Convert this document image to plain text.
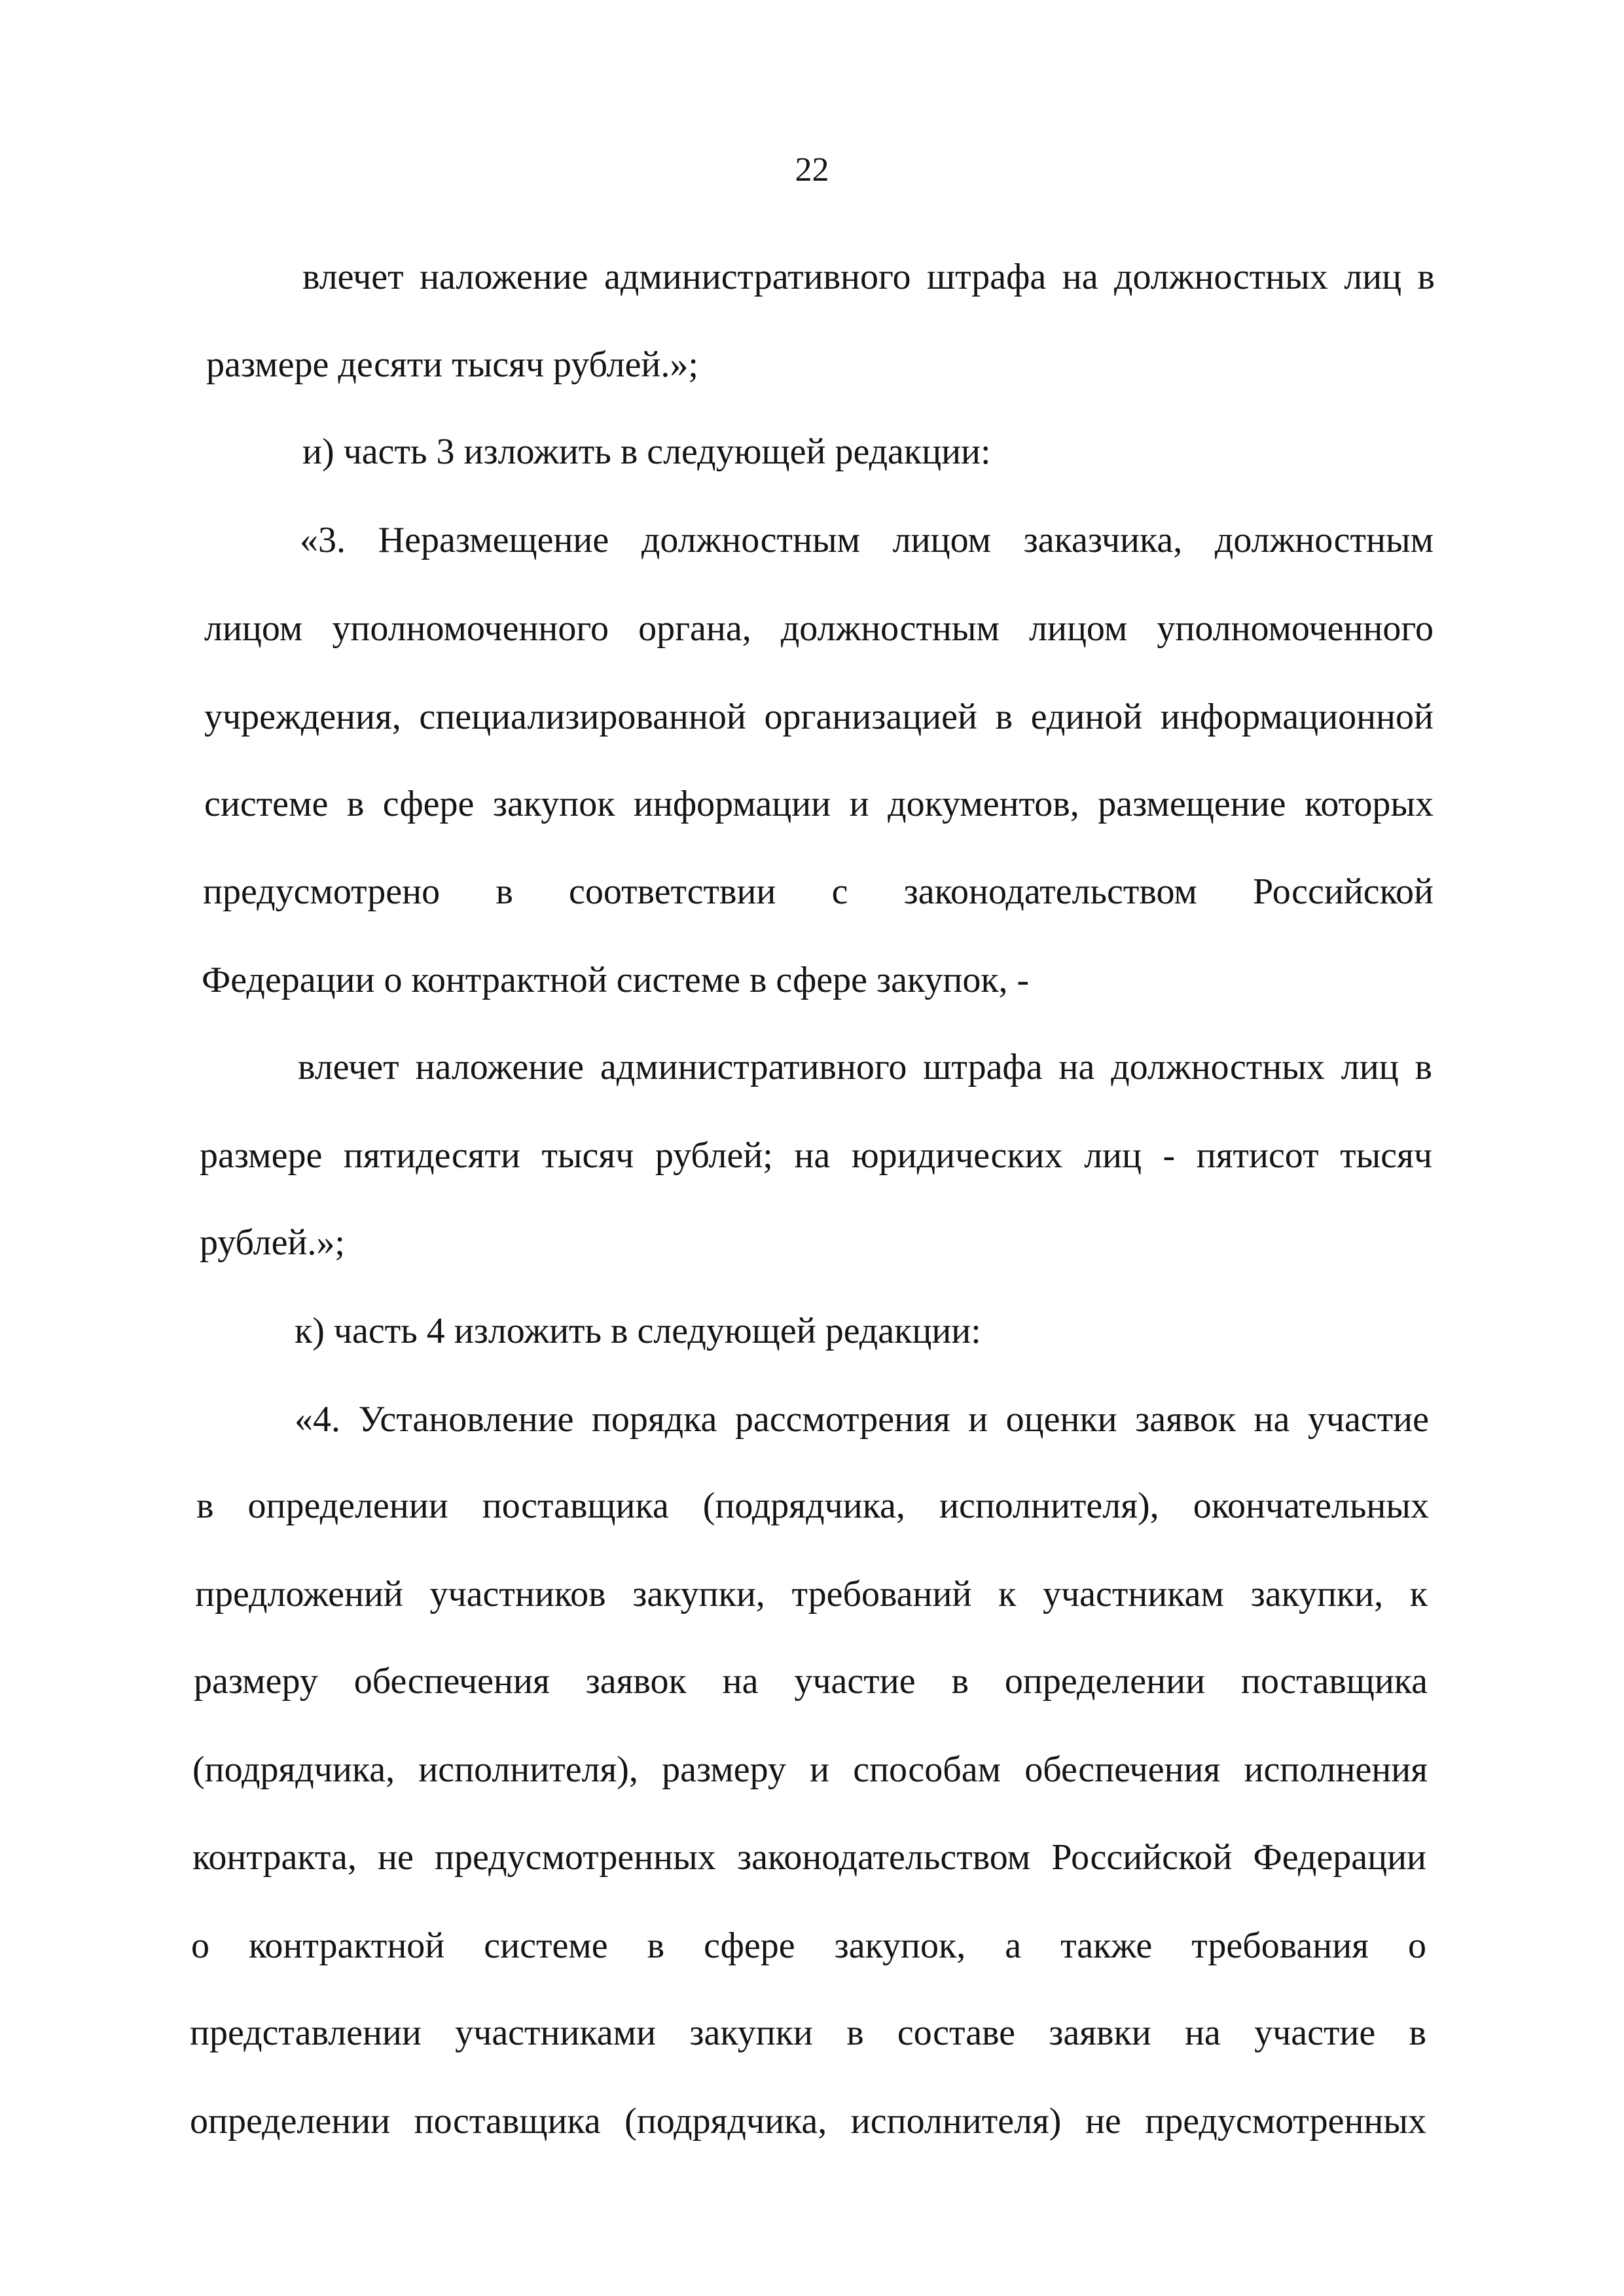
22
влечет наложение административного штрафа на должностных лиц в
размере десяти тысяч рублей.»;
и) часть 3 изложить в следующей редакции:
«3. Неразмещение должностным лицом заказчика, должностным
лицом уполномоченного органа, должностным лицом уполномоченного
учреждения, специализированной организацией в единой информационной
системе в сфере закупок информации и документов, размещение которых
предусмотрено в соответствии с законодательством Российской
Федерации о контрактной системе в сфере закупок, -
влечет наложение административного штрафа на должностных лиц в
размере пятидесяти тысяч рублей; на юридических лиц - пятисот тысяч
рублей.»;
к) часть 4 изложить в следующей редакции:
«4. Установление порядка рассмотрения и оценки заявок на участие
в определении поставщика (подрядчика, исполнителя), окончательных
предложений участников закупки, требований к участникам закупки, к
размеру обеспечения заявок на участие в определении поставщика
(подрядчика, исполнителя), размеру и способам обеспечения исполнения
контракта, не предусмотренных законодательством Российской Федерации
о контрактной системе в сфере закупок, а также требования о
представлении участниками закупки в составе заявки на участие в
определении поставщика (подрядчика, исполнителя) не предусмотренных
